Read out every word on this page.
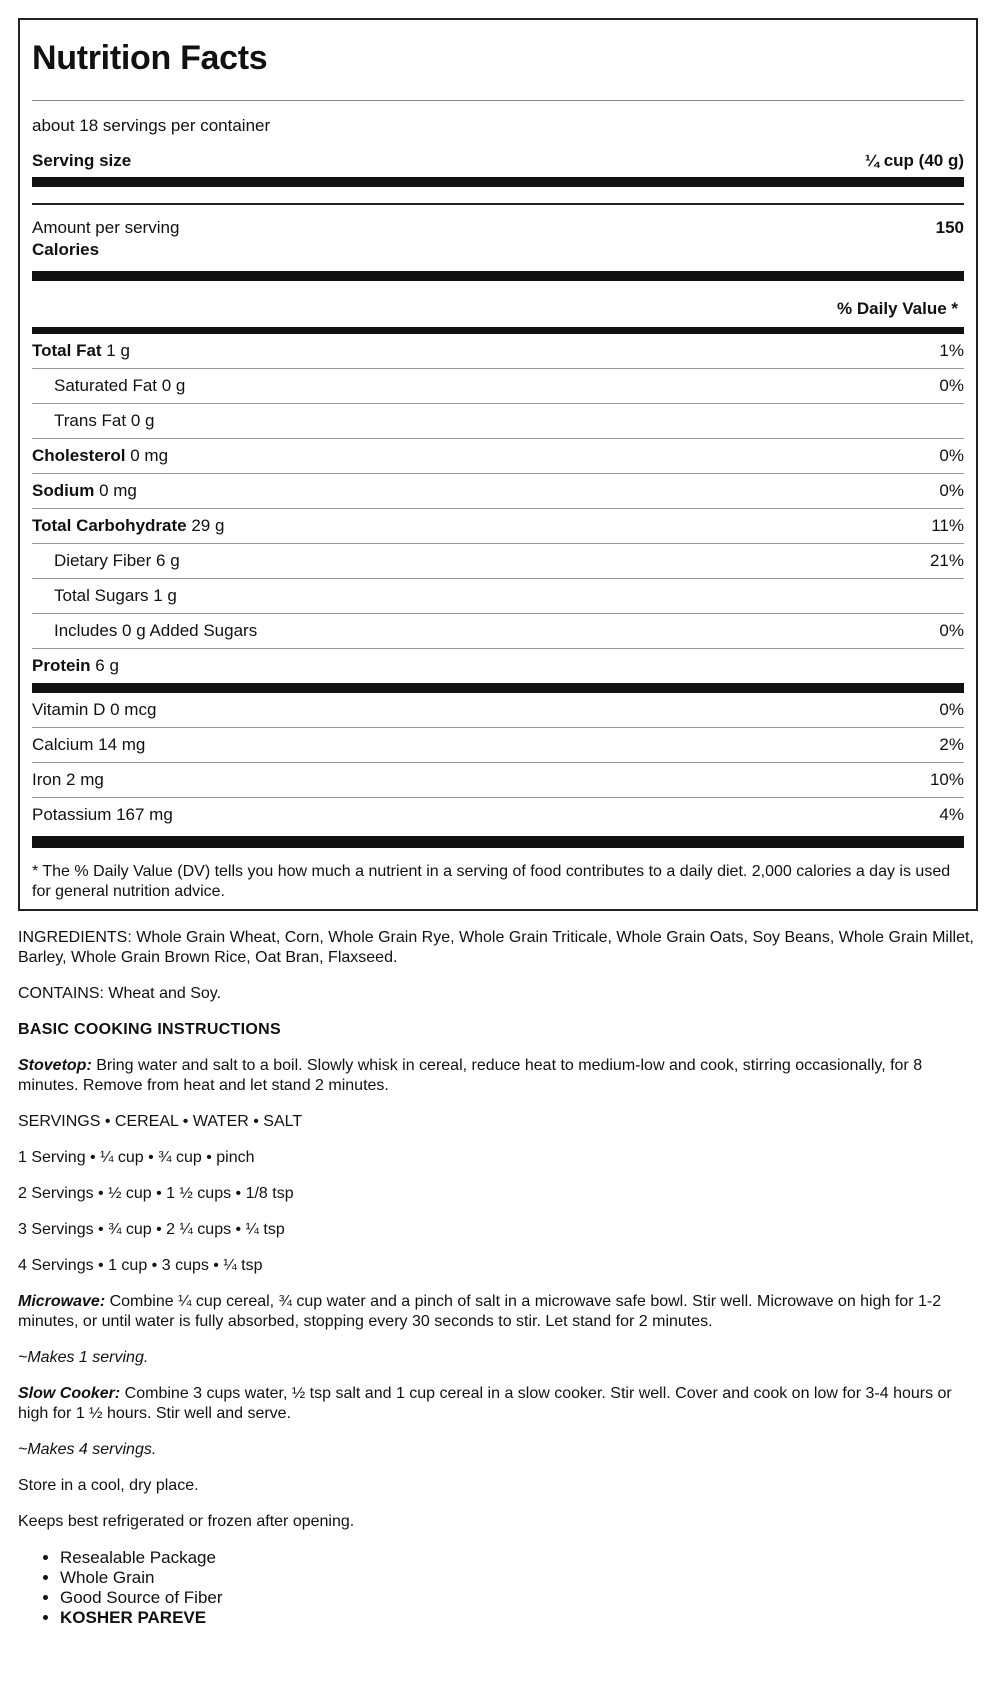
Nutrition Facts
about 18 servings per container
Serving size	¼ cup (40 g)
Amount per serving	150
Calories
% Daily Value *
Total Fat 1 g	1%
Saturated Fat 0 g	0%
Trans Fat 0 g
Cholesterol 0 mg	0%
Sodium 0 mg	0%
Total Carbohydrate 29 g	11%
Dietary Fiber 6 g	21%
Total Sugars 1 g
Includes 0 g Added Sugars	0%
Protein 6 g
Vitamin D 0 mcg	0%
Calcium 14 mg	2%
Iron 2 mg	10%
Potassium 167 mg	4%
* The % Daily Value (DV) tells you how much a nutrient in a serving of food contributes to a daily diet. 2,000 calories a day is used for general nutrition advice.

INGREDIENTS: Whole Grain Wheat, Corn, Whole Grain Rye, Whole Grain Triticale, Whole Grain Oats, Soy Beans, Whole Grain Millet, Barley, Whole Grain Brown Rice, Oat Bran, Flaxseed.

CONTAINS: Wheat and Soy.

BASIC COOKING INSTRUCTIONS

Stovetop: Bring water and salt to a boil. Slowly whisk in cereal, reduce heat to medium-low and cook, stirring occasionally, for 8 minutes. Remove from heat and let stand 2 minutes.

SERVINGS • CEREAL • WATER • SALT

1 Serving • ¼ cup • ¾ cup • pinch

2 Servings • ½ cup • 1 ½ cups • 1/8 tsp

3 Servings • ¾ cup • 2 ¼ cups • ¼ tsp

4 Servings • 1 cup • 3 cups • ¼ tsp

Microwave: Combine ¼ cup cereal, ¾ cup water and a pinch of salt in a microwave safe bowl. Stir well. Microwave on high for 1-2 minutes, or until water is fully absorbed, stopping every 30 seconds to stir. Let stand for 2 minutes.

~Makes 1 serving.

Slow Cooker: Combine 3 cups water, ½ tsp salt and 1 cup cereal in a slow cooker. Stir well. Cover and cook on low for 3-4 hours or high for 1 ½ hours. Stir well and serve.

~Makes 4 servings.

Store in a cool, dry place.

Keeps best refrigerated or frozen after opening.

• Resealable Package
• Whole Grain
• Good Source of Fiber
• KOSHER PAREVE
